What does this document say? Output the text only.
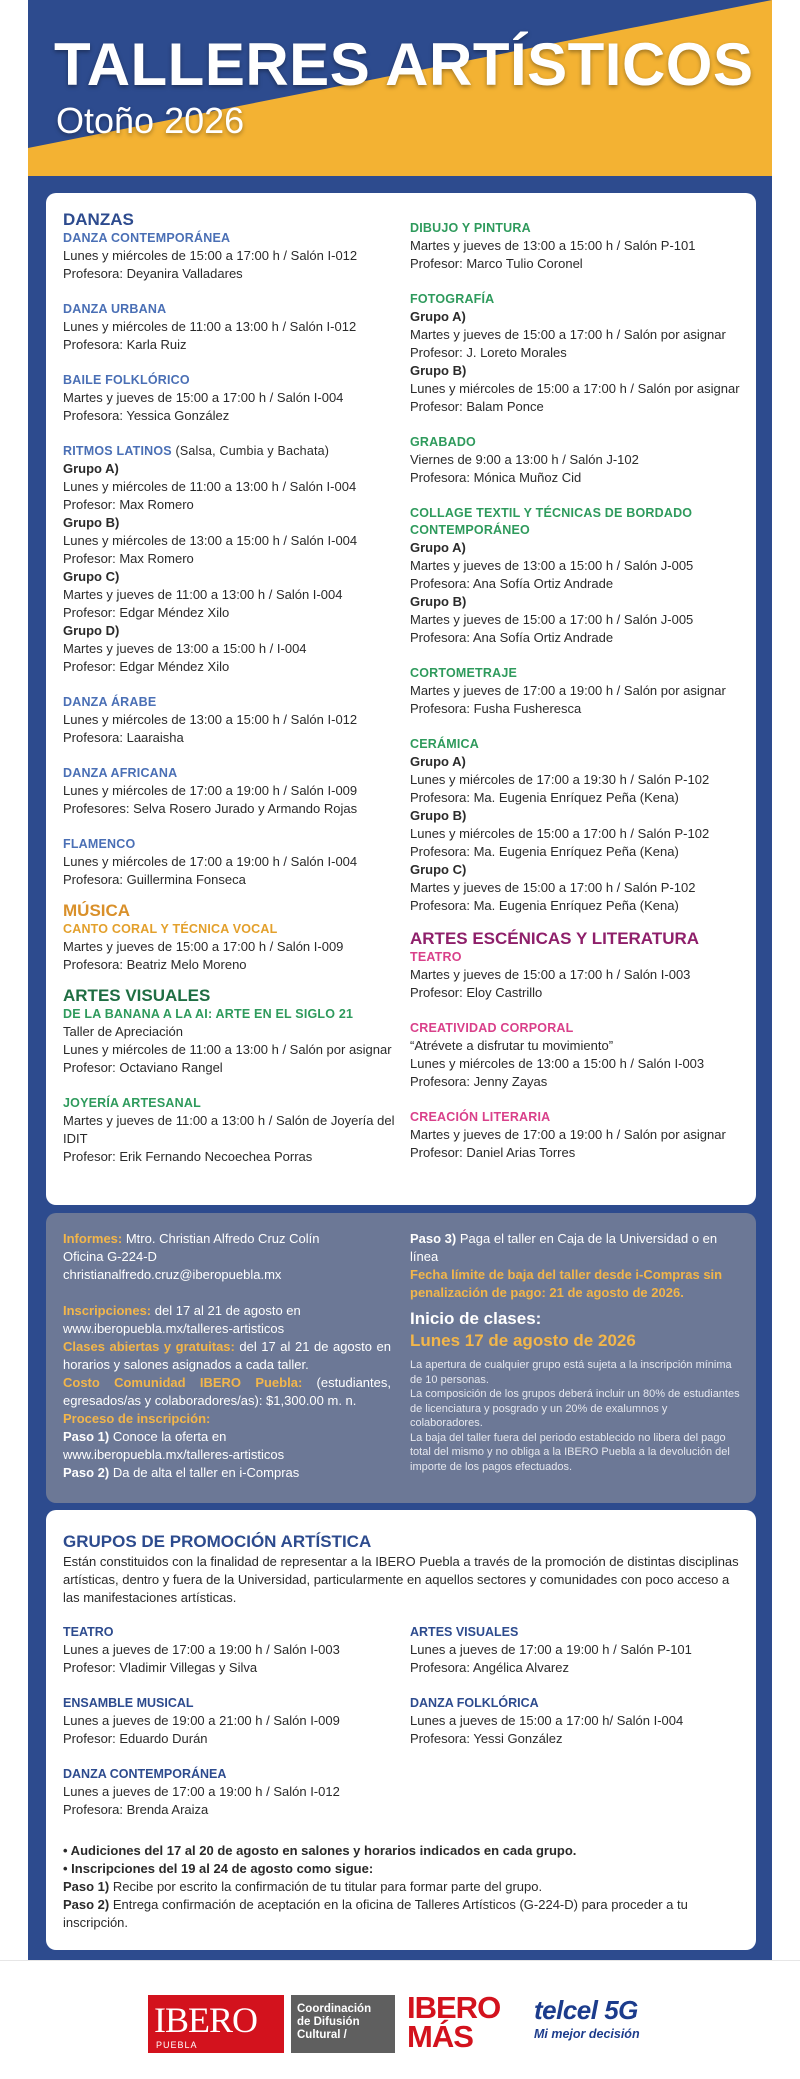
TALLERES ARTÍSTICOS
Otoño 2026
DANZAS
DANZA CONTEMPORÁNEA
Lunes y miércoles de 15:00 a 17:00 h / Salón I-012
Profesora: Deyanira Valladares
DANZA URBANA
Lunes y miércoles de 11:00 a 13:00 h / Salón I-012
Profesora: Karla Ruiz
BAILE FOLKLÓRICO
Martes y jueves de 15:00 a 17:00 h / Salón I-004
Profesora: Yessica González
RITMOS LATINOS (Salsa, Cumbia y Bachata)
Grupo A)
Lunes y miércoles de 11:00 a 13:00 h / Salón I-004
Profesor: Max Romero
Grupo B)
Lunes y miércoles de 13:00 a 15:00 h / Salón I-004
Profesor: Max Romero
Grupo C)
Martes y jueves de 11:00 a 13:00 h / Salón I-004
Profesor: Edgar Méndez Xilo
Grupo D)
Martes y jueves de 13:00 a 15:00 h / I-004
Profesor: Edgar Méndez Xilo
DANZA ÁRABE
Lunes y miércoles de 13:00 a 15:00 h / Salón I-012
Profesora: Laaraisha
DANZA AFRICANA
Lunes y miércoles de 17:00 a 19:00 h / Salón I-009
Profesores: Selva Rosero Jurado y Armando Rojas
FLAMENCO
Lunes y miércoles de 17:00 a 19:00 h / Salón I-004
Profesora: Guillermina Fonseca
MÚSICA
CANTO CORAL Y TÉCNICA VOCAL
Martes y jueves de 15:00 a 17:00 h / Salón I-009
Profesora: Beatriz Melo Moreno
ARTES VISUALES
DE LA BANANA A LA AI: ARTE EN EL SIGLO 21
Taller de Apreciación
Lunes y miércoles de 11:00 a 13:00 h / Salón por asignar
Profesor: Octaviano Rangel
JOYERÍA ARTESANAL
Martes y jueves de 11:00 a 13:00 h / Salón de Joyería del IDIT
Profesor: Erik Fernando Necoechea Porras
DIBUJO Y PINTURA
Martes y jueves de 13:00 a 15:00 h / Salón P-101
Profesor: Marco Tulio Coronel
FOTOGRAFÍA
Grupo A)
Martes y jueves de 15:00 a 17:00 h / Salón por asignar
Profesor: J. Loreto Morales
Grupo B)
Lunes y miércoles de 15:00 a 17:00 h / Salón por asignar
Profesor: Balam Ponce
GRABADO
Viernes de 9:00 a 13:00 h / Salón J-102
Profesora: Mónica Muñoz Cid
COLLAGE TEXTIL Y TÉCNICAS DE BORDADO
CONTEMPORÁNEO
Grupo A)
Martes y jueves de 13:00 a 15:00 h / Salón J-005
Profesora: Ana Sofía Ortiz Andrade
Grupo B)
Martes y jueves de 15:00 a 17:00 h / Salón J-005
Profesora: Ana Sofía Ortiz Andrade
CORTOMETRAJE
Martes y jueves de 17:00 a 19:00 h / Salón por asignar
Profesora: Fusha Fusheresca
CERÁMICA
Grupo A)
Lunes y miércoles de 17:00 a 19:30 h / Salón P-102
Profesora: Ma. Eugenia Enríquez Peña (Kena)
Grupo B)
Lunes y miércoles de 15:00 a 17:00 h / Salón P-102
Profesora: Ma. Eugenia Enríquez Peña (Kena)
Grupo C)
Martes y jueves de 15:00 a 17:00 h / Salón P-102
Profesora: Ma. Eugenia Enríquez Peña (Kena)
ARTES ESCÉNICAS Y LITERATURA
TEATRO
Martes y jueves de 15:00 a 17:00 h / Salón I-003
Profesor: Eloy Castrillo
CREATIVIDAD CORPORAL
“Atrévete a disfrutar tu movimiento”
Lunes y miércoles de 13:00 a 15:00 h / Salón I-003
Profesora: Jenny Zayas
CREACIÓN LITERARIA
Martes y jueves de 17:00 a 19:00 h / Salón por asignar
Profesor: Daniel Arias Torres
Informes: Mtro. Christian Alfredo Cruz Colín
Oficina G-224-D
christianalfredo.cruz@iberopuebla.mx
Inscripciones: del 17 al 21 de agosto en
www.iberopuebla.mx/talleres-artisticos
Clases abiertas y gratuitas: del 17 al 21 de agosto en horarios y salones asignados a cada taller.
Costo Comunidad IBERO Puebla: (estudiantes, egresados/as y colaboradores/as): $1,300.00 m. n.
Proceso de inscripción:
Paso 1) Conoce la oferta en
www.iberopuebla.mx/talleres-artisticos
Paso 2) Da de alta el taller en i-Compras
Paso 3) Paga el taller en Caja de la Universidad o en línea
Fecha límite de baja del taller desde i-Compras sin penalización de pago: 21 de agosto de 2026.
Inicio de clases:
Lunes 17 de agosto de 2026
La apertura de cualquier grupo está sujeta a la inscripción mínima de 10 personas.
La composición de los grupos deberá incluir un 80% de estudiantes de licenciatura y posgrado y un 20% de exalumnos y colaboradores.
La baja del taller fuera del periodo establecido no libera del pago total del mismo y no obliga a la IBERO Puebla a la devolución del importe de los pagos efectuados.
GRUPOS DE PROMOCIÓN ARTÍSTICA
Están constituidos con la finalidad de representar a la IBERO Puebla a través de la promoción de distintas disciplinas artísticas, dentro y fuera de la Universidad, particularmente en aquellos sectores y comunidades con poco acceso a las manifestaciones artísticas.
TEATRO
Lunes a jueves de 17:00 a 19:00 h / Salón I-003
Profesor: Vladimir Villegas y Silva
ENSAMBLE MUSICAL
Lunes a jueves de 19:00 a 21:00 h / Salón I-009
Profesor: Eduardo Durán
DANZA CONTEMPORÁNEA
Lunes a jueves de 17:00 a 19:00 h / Salón I-012
Profesora: Brenda Araiza
ARTES VISUALES
Lunes a jueves de 17:00 a 19:00 h / Salón P-101
Profesora: Angélica Alvarez
DANZA FOLKLÓRICA
Lunes a jueves de 15:00 a 17:00 h/ Salón I-004
Profesora: Yessi González
• Audiciones del 17 al 20 de agosto en salones y horarios indicados en cada grupo.
• Inscripciones del 19 al 24 de agosto como sigue:
Paso 1) Recibe por escrito la confirmación de tu titular para formar parte del grupo.
Paso 2) Entrega confirmación de aceptación en la oficina de Talleres Artísticos (G-224-D) para proceder a tu inscripción.
IBERO
PUEBLA
Coordinación
de Difusión
Cultural /
IBERO
MÁS
telcel 5G
Mi mejor decisión
